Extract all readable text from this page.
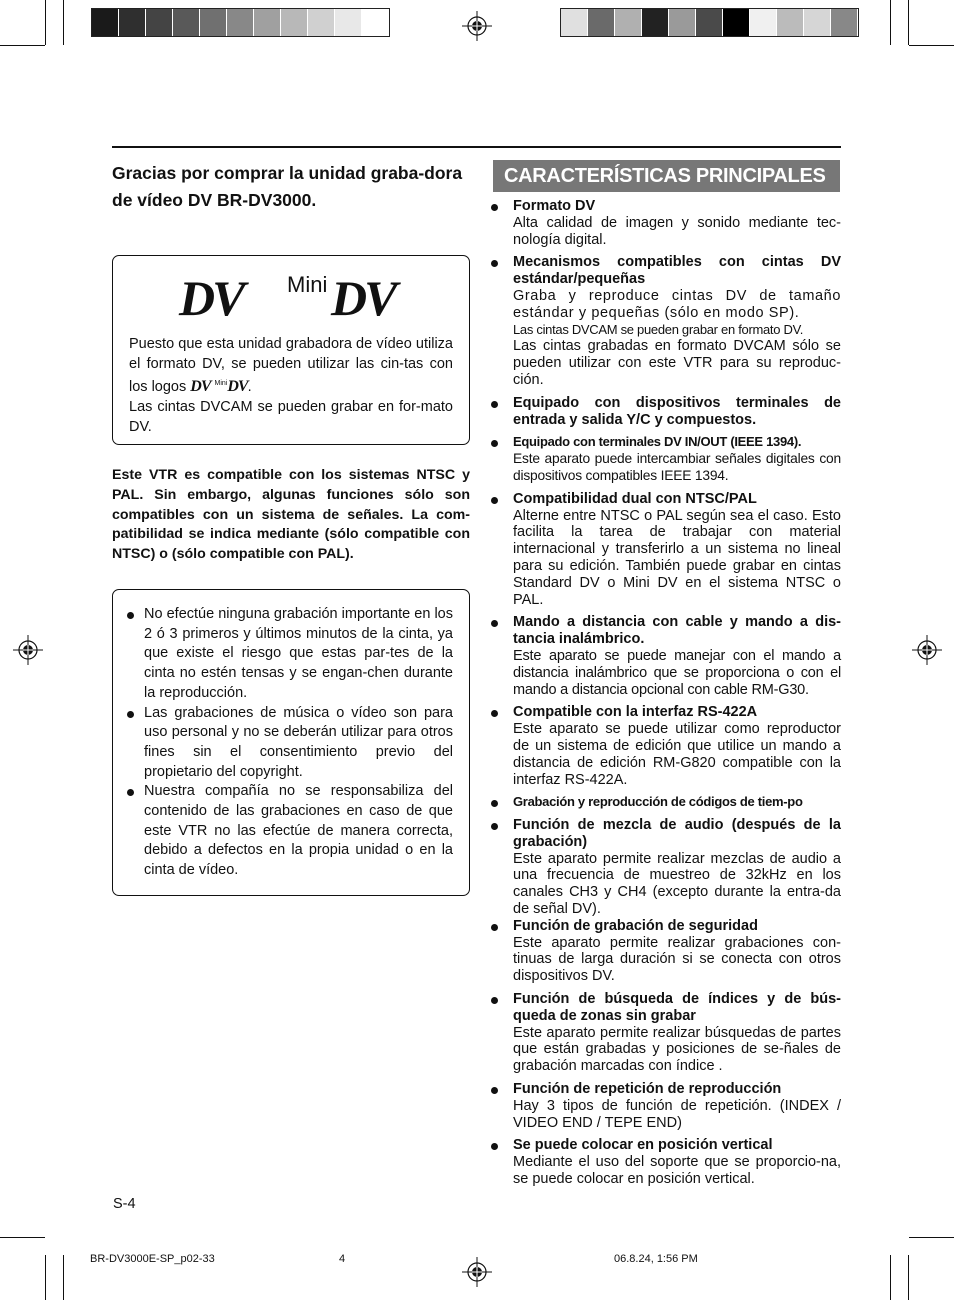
Gracias por comprar la unidad graba-dora de vídeo DV BR-DV3000.
DV Mini DV

Puesto que esta unidad grabadora de vídeo utiliza el formato DV, se pueden utilizar las cin-tas con los logos DV $^{Mini}$DV.
Las cintas DVCAM se pueden grabar en for-mato DV.

Este VTR es compatible con los sistemas NTSC y PAL. Sin embargo, algunas funciones sólo son compatibles con un sistema de señales. La com-patibilidad se indica mediante (sólo compatible con NTSC) o (sólo compatible con PAL).
No efectúe ninguna grabación importante en los 2 ó 3 primeros y últimos minutos de la cinta, ya que existe el riesgo que estas par-tes de la cinta no estén tensas y se engan-chen durante la reproducción.
Las grabaciones de música o vídeo son para uso personal y no se deberán utilizar para otros fines sin el consentimiento previo del propietario del copyright.
Nuestra compañía no se responsabiliza del contenido de las grabaciones en caso de que este VTR no las efectúe de manera correcta, debido a defectos en la propia unidad o en la cinta de vídeo.
CARACTERÍSTICAS PRINCIPALES
Formato DV
Alta calidad de imagen y sonido mediante tec-nología digital.
Mecanismos compatibles con cintas DV estándar/pequeñas
Graba y reproduce cintas DV de tamaño estándar y pequeñas (sólo en modo SP).
Las cintas DVCAM se pueden grabar en formato DV.
Las cintas grabadas en formato DVCAM sólo se pueden utilizar con este VTR para su reproduc-ción.
Equipado con dispositivos terminales de entrada y salida Y/C y compuestos.
Equipado con terminales DV IN/OUT (IEEE 1394).
Este aparato puede intercambiar señales digitales con dispositivos compatibles IEEE 1394.
Compatibilidad dual con NTSC/PAL
Alterne entre NTSC o PAL según sea el caso. Esto facilita la tarea de trabajar con material internacional y transferirlo a un sistema no lineal para su edición. También puede grabar en cintas Standard DV o Mini DV en el sistema NTSC o PAL.
Mando a distancia con cable y mando a dis-tancia inalámbrico.
Este aparato se puede manejar con el mando a distancia inalámbrico que se proporciona o con el mando a distancia opcional con cable RM-G30.
Compatible con la interfaz RS-422A
Este aparato se puede utilizar como reproductor de un sistema de edición que utilice un mando a distancia de edición RM-G820 compatible con la interfaz RS-422A.
Grabación y reproducción de códigos de tiem-po
Función de mezcla de audio (después de la grabación)
Este aparato permite realizar mezclas de audio a una frecuencia de muestreo de 32kHz en los canales CH3 y CH4 (excepto durante la entra-da de señal DV).
Función de grabación de seguridad
Este aparato permite realizar grabaciones con-tinuas de larga duración si se conecta con otros dispositivos DV.
Función de búsqueda de índices y de bús-queda de zonas sin grabar
Este aparato permite realizar búsquedas de partes que están grabadas y posiciones de se-ñales de grabación marcadas con índice .
Función de repetición de reproducción
Hay 3 tipos de función de repetición. (INDEX / VIDEO END / TEPE END)
Se puede colocar en posición vertical
Mediante el uso del soporte que se proporcio-na, se puede colocar en posición vertical.
S-4
BR-DV3000E-SP_p02-33	4	06.8.24, 1:56 PM
